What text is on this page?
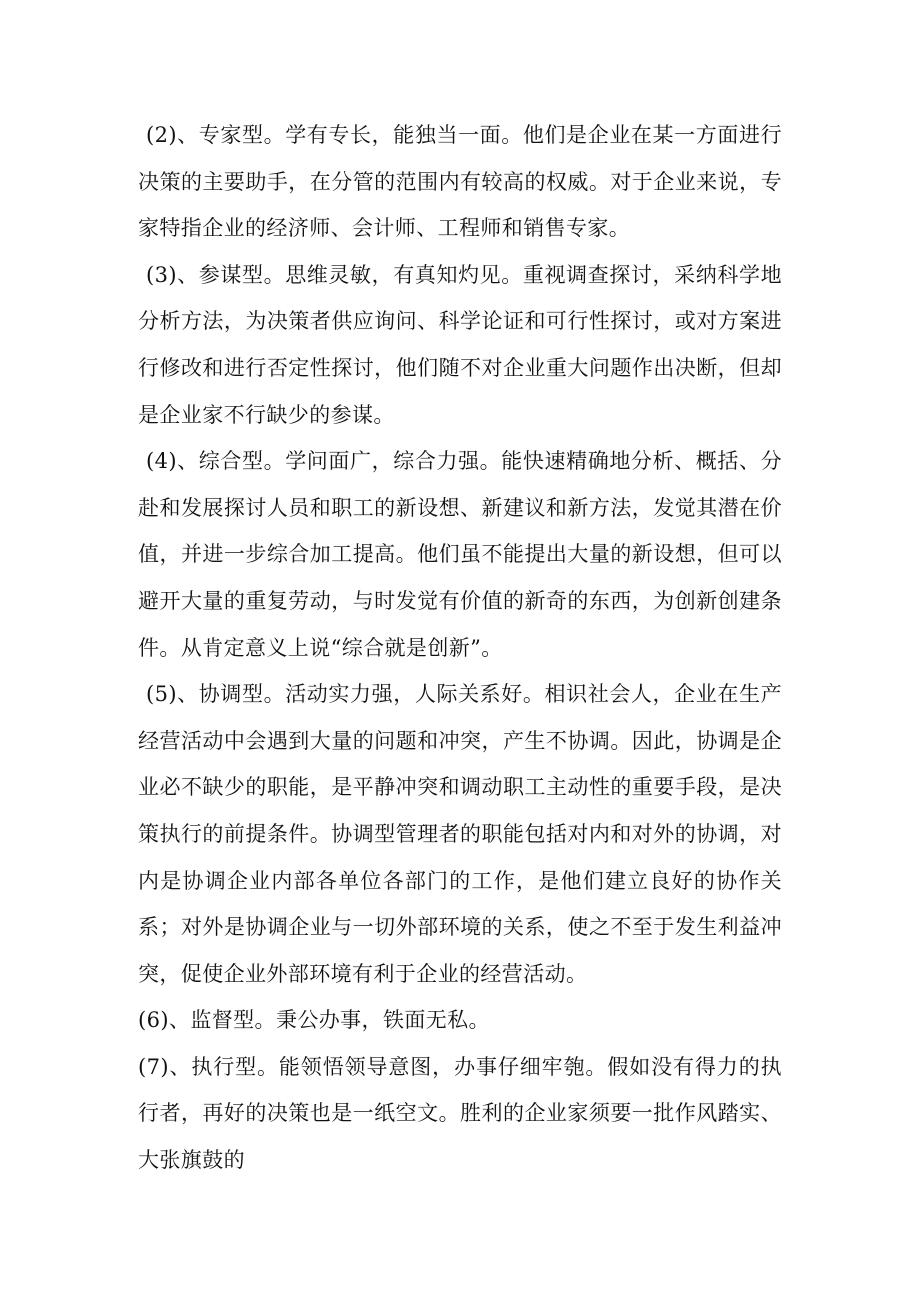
(2)、专家型。学有专长，能独当一面。他们是企业在某一方面进行决策的主要助手，在分管的范围内有较高的权威。对于企业来说，专家特指企业的经济师、会计师、工程师和销售专家。

(3)、参谋型。思维灵敏，有真知灼见。重视调查探讨，采纳科学地分析方法，为决策者供应询问、科学论证和可行性探讨，或对方案进行修改和进行否定性探讨，他们随不对企业重大问题作出决断，但却是企业家不行缺少的参谋。

(4)、综合型。学问面广，综合力强。能快速精确地分析、概括、分赴和发展探讨人员和职工的新设想、新建议和新方法，发觉其潜在价值，并进一步综合加工提高。他们虽不能提出大量的新设想，但可以避开大量的重复劳动，与时发觉有价值的新奇的东西，为创新创建条件。从肯定意义上说“综合就是创新”。

(5)、协调型。活动实力强，人际关系好。相识社会人，企业在生产经营活动中会遇到大量的问题和冲突，产生不协调。因此，协调是企业必不缺少的职能，是平静冲突和调动职工主动性的重要手段，是决策执行的前提条件。协调型管理者的职能包括对内和对外的协调，对内是协调企业内部各单位各部门的工作，是他们建立良好的协作关系；对外是协调企业与一切外部环境的关系，使之不至于发生利益冲突，促使企业外部环境有利于企业的经营活动。

(6)、监督型。秉公办事，铁面无私。

(7)、执行型。能领悟领导意图，办事仔细牢匏。假如没有得力的执行者，再好的决策也是一纸空文。胜利的企业家须要一批作风踏实、大张旗鼓的
